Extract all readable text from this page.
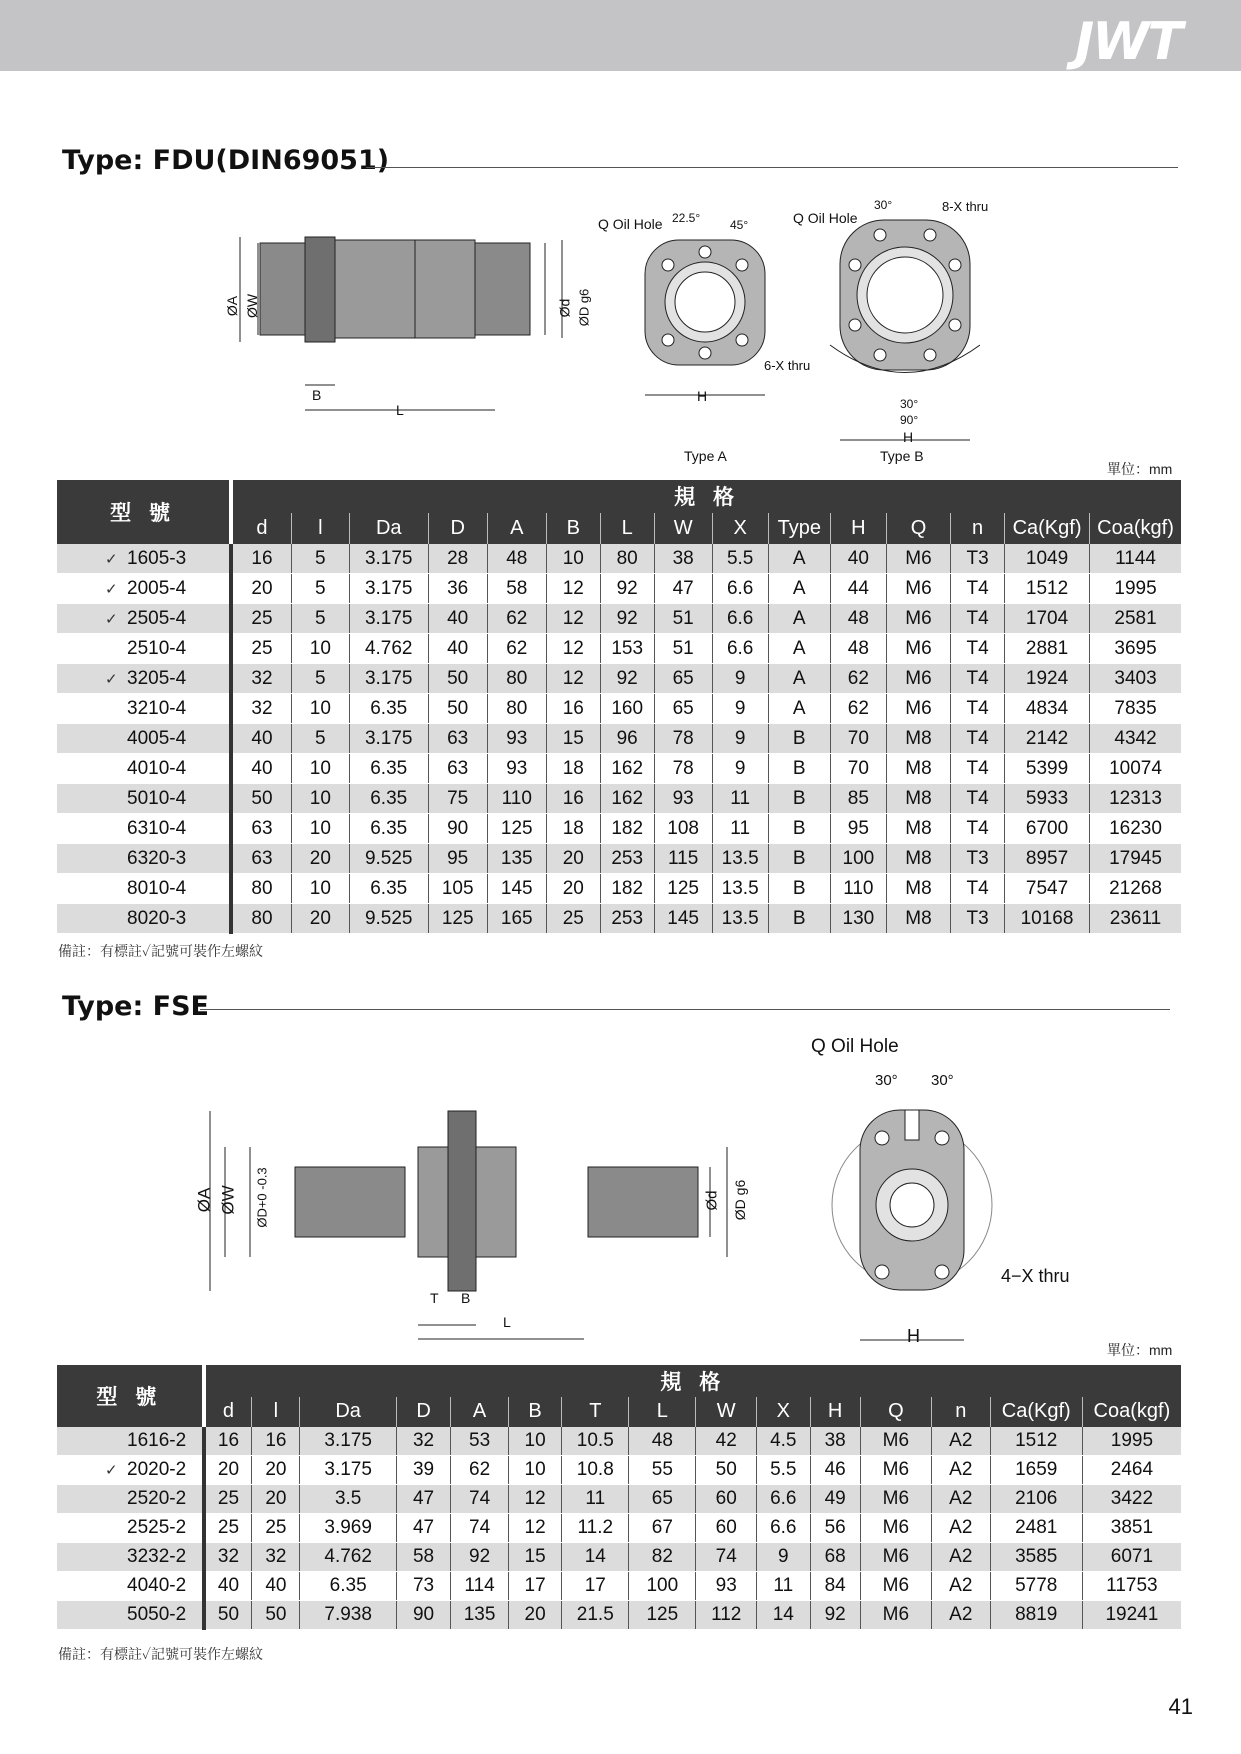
JWT
Type: FDU(DIN69051)
ØA ØW	Ød ØD g6
B
L
Q Oil Hole 22.5° 45°
6-X thru
H
Type A
Q Oil Hole
30°	8-X thru
30°
90°
H
Type B
單位：mm
型 號	規 格														
	d	l	Da	D	A	B	L	W	X	Type	H	Q	n	Ca(Kgf)	Coa(kgf)
✓ 1605-3	16	5	3.175	28	48	10	80	38	5.5	A	40	M6	T3	1049	1144
✓ 2005-4	20	5	3.175	36	58	12	92	47	6.6	A	44	M6	T4	1512	1995
✓ 2505-4	25	5	3.175	40	62	12	92	51	6.6	A	48	M6	T4	1704	2581
2510-4	25	10	4.762	40	62	12	153	51	6.6	A	48	M6	T4	2881	3695
✓ 3205-4	32	5	3.175	50	80	12	92	65	9	A	62	M6	T4	1924	3403
3210-4	32	10	6.35	50	80	16	160	65	9	A	62	M6	T4	4834	7835
4005-4	40	5	3.175	63	93	15	96	78	9	B	70	M8	T4	2142	4342
4010-4	40	10	6.35	63	93	18	162	78	9	B	70	M8	T4	5399	10074
5010-4	50	10	6.35	75	110	16	162	93	11	B	85	M8	T4	5933	12313
6310-4	63	10	6.35	90	125	18	182	108	11	B	95	M8	T4	6700	16230
6320-3	63	20	9.525	95	135	20	253	115	13.5	B	100	M8	T3	8957	17945
8010-4	80	10	6.35	105	145	20	182	125	13.5	B	110	M8	T4	7547	21268
8020-3	80	20	9.525	125	165	25	253	145	13.5	B	130	M8	T3	10168	23611
備註：有標註✓記號可裝作左螺紋
Type: FSE
ØA ØW ØD+0 -0.3	Ød ØD g6
T B
L
Q Oil Hole
30° 30°
4−X thru
H
單位：mm
型 號	規 格														
	d	l	Da	D	A	B	T	L	W	X	H	Q	n	Ca(Kgf)	Coa(kgf)
1616-2	16	16	3.175	32	53	10	10.5	48	42	4.5	38	M6	A2	1512	1995
✓ 2020-2	20	20	3.175	39	62	10	10.8	55	50	5.5	46	M6	A2	1659	2464
2520-2	25	20	3.5	47	74	12	11	65	60	6.6	49	M6	A2	2106	3422
2525-2	25	25	3.969	47	74	12	11.2	67	60	6.6	56	M6	A2	2481	3851
3232-2	32	32	4.762	58	92	15	14	82	74	9	68	M6	A2	3585	6071
4040-2	40	40	6.35	73	114	17	17	100	93	11	84	M6	A2	5778	11753
5050-2	50	50	7.938	90	135	20	21.5	125	112	14	92	M6	A2	8819	19241
備註：有標註✓記號可裝作左螺紋
41
